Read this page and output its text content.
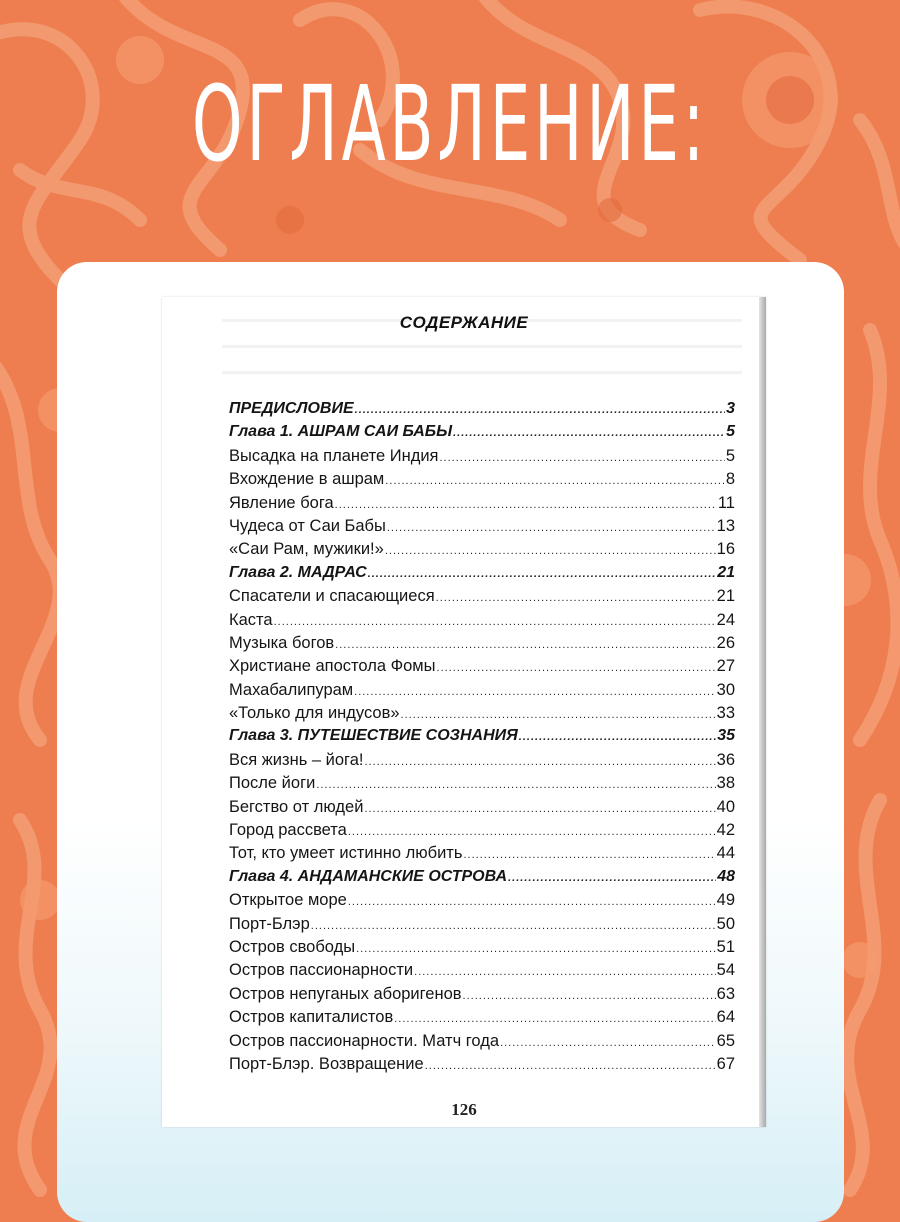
ОГЛАВЛЕНИЕ:
СОДЕРЖАНИЕ
ПРЕДИСЛОВИЕ .....	3
Глава 1. АШРАМ САИ БАБЫ .....	5
Высадка на планете Индия .....	5
Вхождение в ашрам .....	8
Явление бога .....	11
Чудеса от Саи Бабы .....	13
«Саи Рам, мужики!» .....	16
Глава 2. МАДРАС .....	21
Спасатели и спасающиеся .....	21
Каста .....	24
Музыка богов .....	26
Христиане апостола Фомы .....	27
Махабалипурам .....	30
«Только для индусов» .....	33
Глава 3. ПУТЕШЕСТВИЕ СОЗНАНИЯ .....	35
Вся жизнь – йога! .....	36
После йоги .....	38
Бегство от людей .....	40
Город рассвета .....	42
Тот, кто умеет истинно любить .....	44
Глава 4. АНДАМАНСКИЕ ОСТРОВА .....	48
Открытое море .....	49
Порт-Блэр .....	50
Остров свободы .....	51
Остров пассионарности .....	54
Остров непуганых аборигенов .....	63
Остров капиталистов .....	64
Остров пассионарности. Матч года .....	65
Порт-Блэр. Возвращение .....	67
126
